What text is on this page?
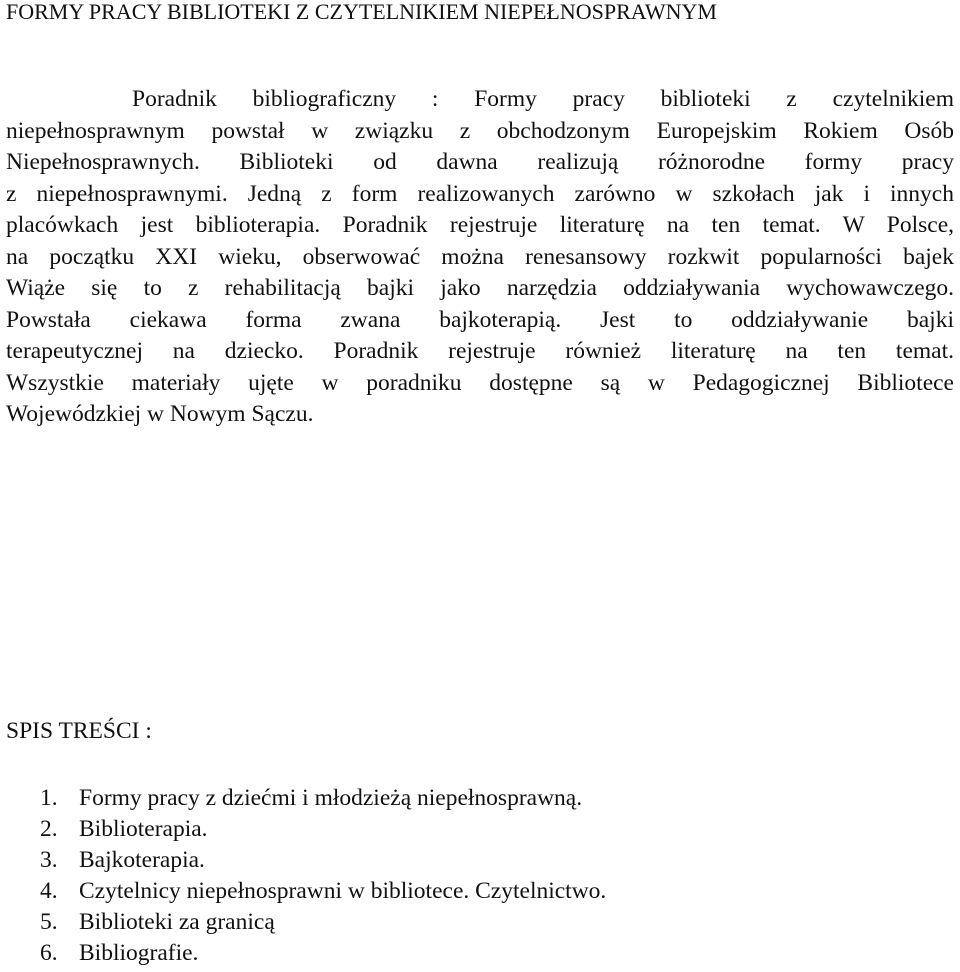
FORMY PRACY BIBLIOTEKI Z CZYTELNIKIEM NIEPEŁNOSPRAWNYM
Poradnik bibliograficzny : Formy pracy biblioteki z czytelnikiem
niepełnosprawnym powstał w związku z obchodzonym Europejskim Rokiem Osób
Niepełnosprawnych. Biblioteki od dawna realizują różnorodne formy pracy
z niepełnosprawnymi. Jedną z form realizowanych zarówno w szkołach jak i innych
placówkach jest biblioterapia. Poradnik rejestruje literaturę na ten temat. W Polsce,
na początku XXI wieku, obserwować można renesansowy rozkwit popularności bajek
Wiąże się to z rehabilitacją bajki jako narzędzia oddziaływania wychowawczego.
Powstała ciekawa forma zwana bajkoterapią. Jest to oddziaływanie bajki
terapeutycznej na dziecko. Poradnik rejestruje również literaturę na ten temat.
Wszystkie materiały ujęte w poradniku dostępne są w Pedagogicznej Bibliotece
Wojewódzkiej w Nowym Sączu.
SPIS TREŚCI :
1. Formy pracy z dziećmi i młodzieżą niepełnosprawną.
2. Biblioterapia.
3. Bajkoterapia.
4. Czytelnicy niepełnosprawni w bibliotece. Czytelnictwo.
5. Biblioteki za granicą
6. Bibliografie.
